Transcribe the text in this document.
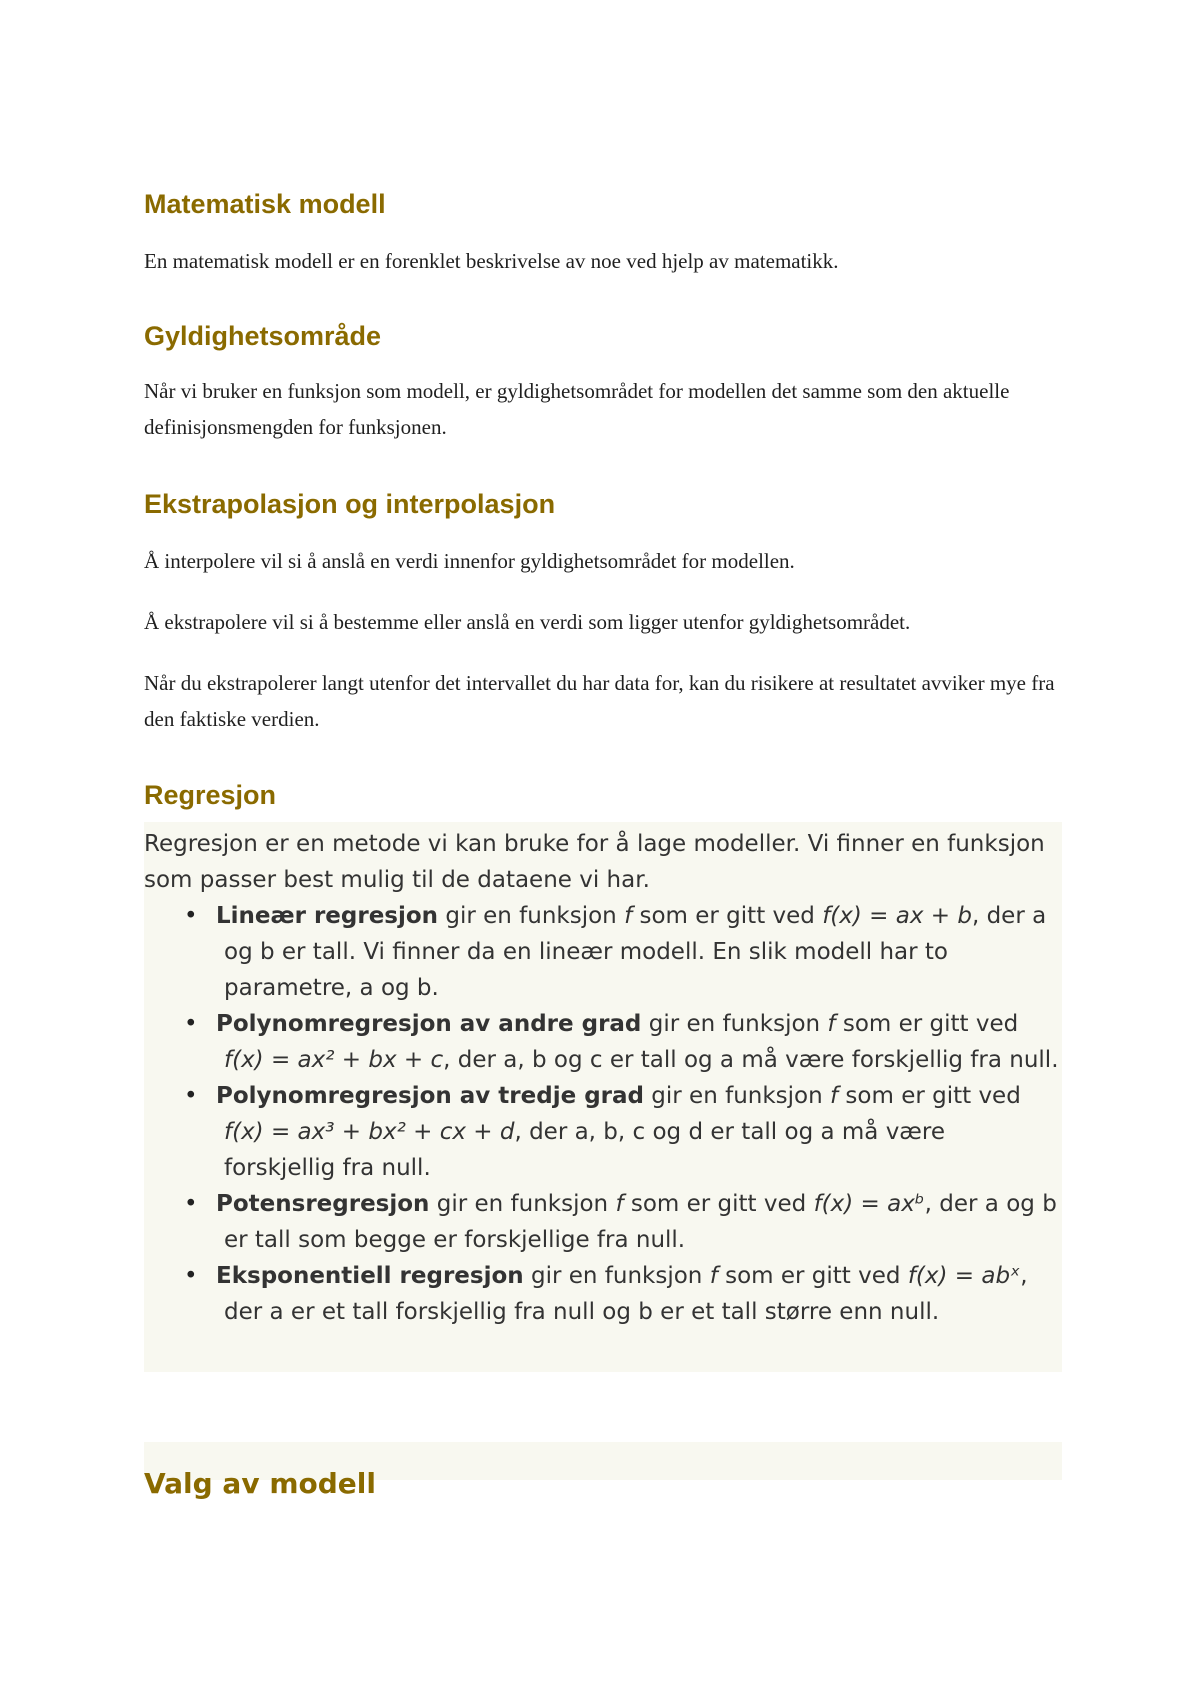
Matematisk modell

En matematisk modell er en forenklet beskrivelse av noe ved hjelp av matematikk.

Gyldighetsområde

Når vi bruker en funksjon som modell, er gyldighetsområdet for modellen det samme som den aktuelle definisjonsmengden for funksjonen.

Ekstrapolasjon og interpolasjon

Å interpolere vil si å anslå en verdi innenfor gyldighetsområdet for modellen.

Å ekstrapolere vil si å bestemme eller anslå en verdi som ligger utenfor gyldighetsområdet.

Når du ekstrapolerer langt utenfor det intervallet du har data for, kan du risikere at resultatet avviker mye fra den faktiske verdien.

Regresjon

Regresjon er en metode vi kan bruke for å lage modeller. Vi finner en funksjon som passer best mulig til de dataene vi har.

• Lineær regresjon gir en funksjon f som er gitt ved f(x) = ax + b, der a og b er tall. Vi finner da en lineær modell. En slik modell har to parametre, a og b.
• Polynomregresjon av andre grad gir en funksjon f som er gitt ved f(x) = ax² + bx + c, der a, b og c er tall og a må være forskjellig fra null.
• Polynomregresjon av tredje grad gir en funksjon f som er gitt ved f(x) = ax³ + bx² + cx + d, der a, b, c og d er tall og a må være forskjellig fra null.
• Potensregresjon gir en funksjon f som er gitt ved f(x) = axᵇ, der a og b er tall som begge er forskjellige fra null.
• Eksponentiell regresjon gir en funksjon f som er gitt ved f(x) = abˣ, der a er et tall forskjellig fra null og b er et tall større enn null.
Valg av modell
